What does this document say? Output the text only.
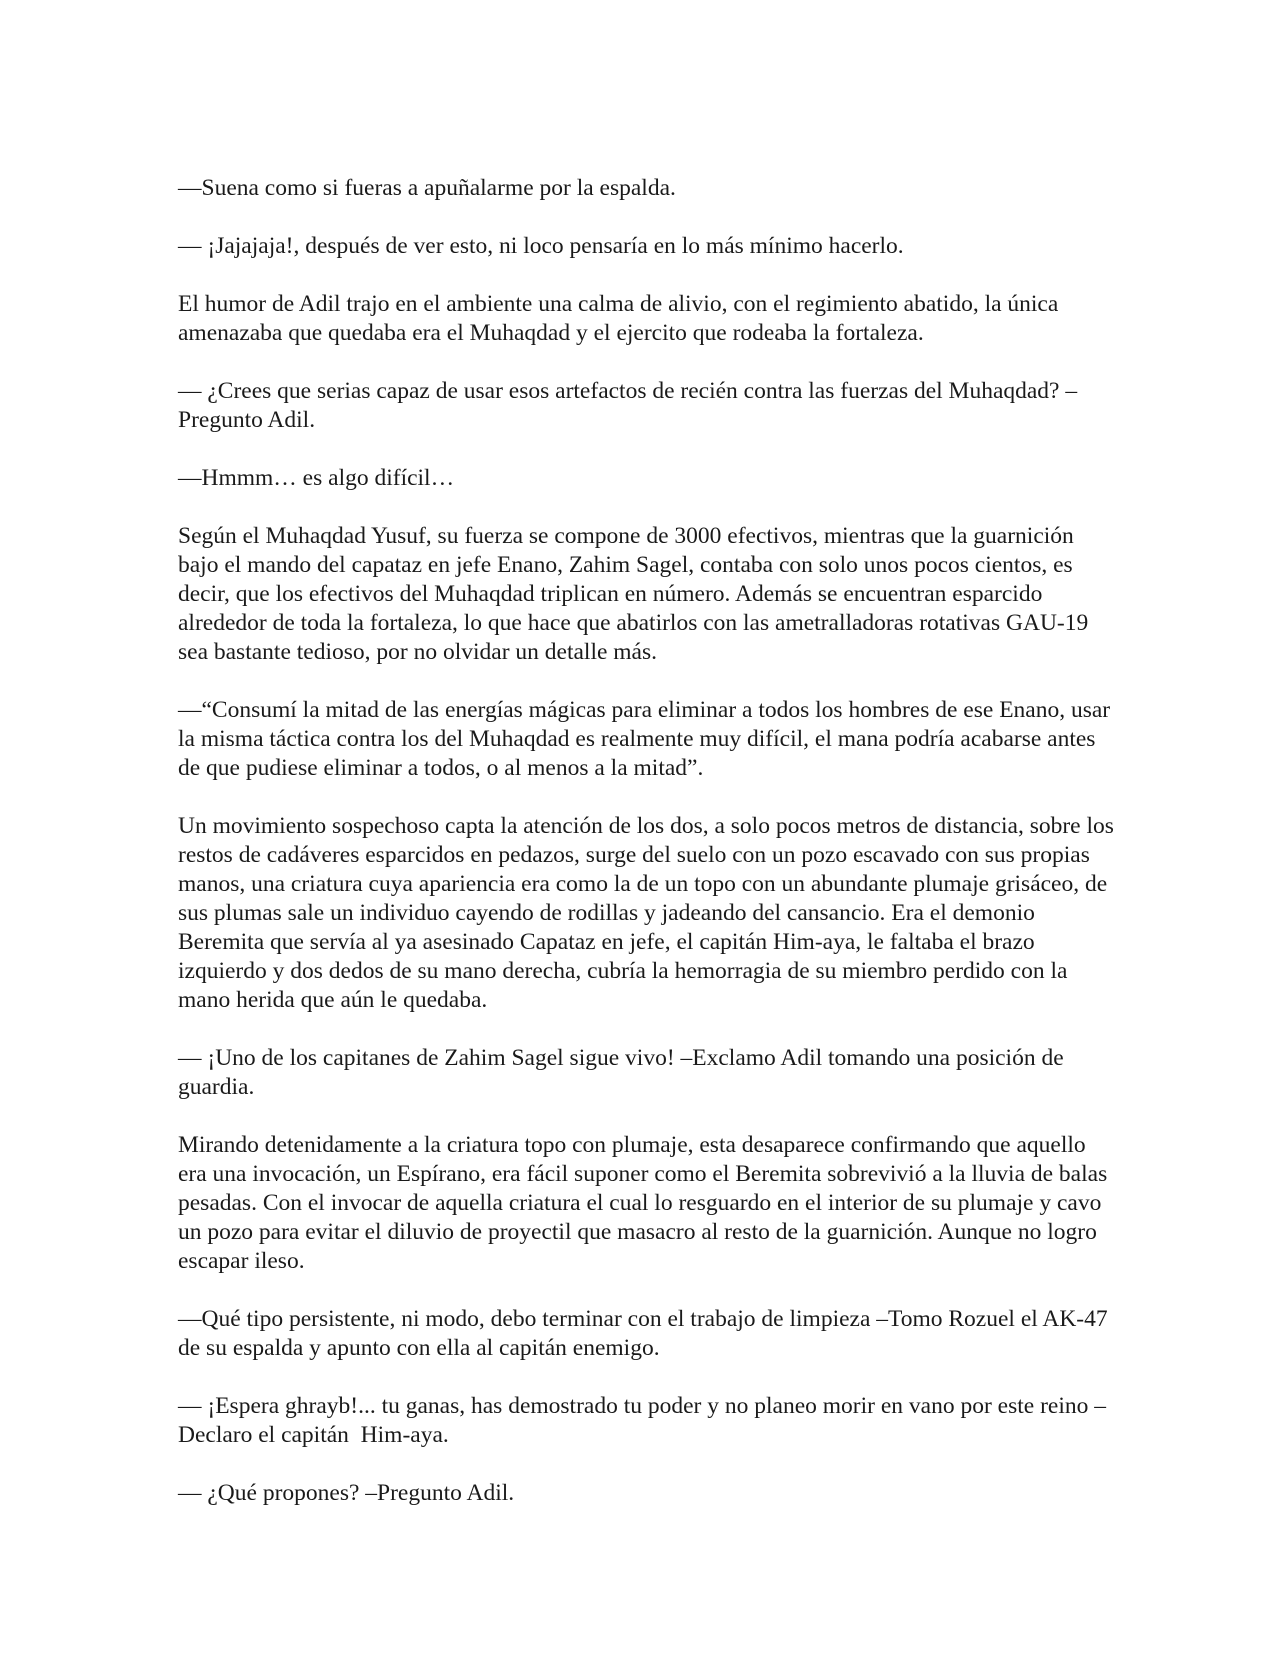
—Suena como si fueras a apuñalarme por la espalda.

— ¡Jajajaja!, después de ver esto, ni loco pensaría en lo más mínimo hacerlo.

El humor de Adil trajo en el ambiente una calma de alivio, con el regimiento abatido, la única amenazaba que quedaba era el Muhaqdad y el ejercito que rodeaba la fortaleza.

— ¿Crees que serias capaz de usar esos artefactos de recién contra las fuerzas del Muhaqdad? –Pregunto Adil.

—Hmmm… es algo difícil…

Según el Muhaqdad Yusuf, su fuerza se compone de 3000 efectivos, mientras que la guarnición bajo el mando del capataz en jefe Enano, Zahim Sagel, contaba con solo unos pocos cientos, es decir, que los efectivos del Muhaqdad triplican en número. Además se encuentran esparcido alrededor de toda la fortaleza, lo que hace que abatirlos con las ametralladoras rotativas GAU-19 sea bastante tedioso, por no olvidar un detalle más.

—“Consumí la mitad de las energías mágicas para eliminar a todos los hombres de ese Enano, usar la misma táctica contra los del Muhaqdad es realmente muy difícil, el mana podría acabarse antes de que pudiese eliminar a todos, o al menos a la mitad”.

Un movimiento sospechoso capta la atención de los dos, a solo pocos metros de distancia, sobre los restos de cadáveres esparcidos en pedazos, surge del suelo con un pozo escavado con sus propias manos, una criatura cuya apariencia era como la de un topo con un abundante plumaje grisáceo, de sus plumas sale un individuo cayendo de rodillas y jadeando del cansancio. Era el demonio Beremita que servía al ya asesinado Capataz en jefe, el capitán Him-aya, le faltaba el brazo izquierdo y dos dedos de su mano derecha, cubría la hemorragia de su miembro perdido con la mano herida que aún le quedaba.

— ¡Uno de los capitanes de Zahim Sagel sigue vivo! –Exclamo Adil tomando una posición de guardia.

Mirando detenidamente a la criatura topo con plumaje, esta desaparece confirmando que aquello era una invocación, un Espírano, era fácil suponer como el Beremita sobrevivió a la lluvia de balas pesadas. Con el invocar de aquella criatura el cual lo resguardo en el interior de su plumaje y cavo un pozo para evitar el diluvio de proyectil que masacro al resto de la guarnición. Aunque no logro escapar ileso.

—Qué tipo persistente, ni modo, debo terminar con el trabajo de limpieza –Tomo Rozuel el AK-47 de su espalda y apunto con ella al capitán enemigo.

— ¡Espera ghrayb!... tu ganas, has demostrado tu poder y no planeo morir en vano por este reino –Declaro el capitán  Him-aya.

— ¿Qué propones? –Pregunto Adil.
